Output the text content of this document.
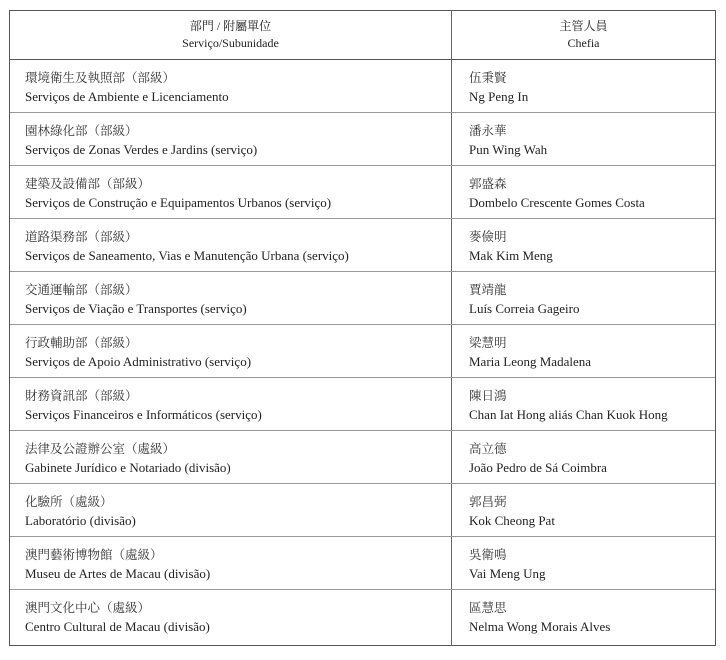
部門 / 附屬單位
Serviço/Subunidade
主管人員
Chefia
環境衛生及執照部（部級）
Serviços de Ambiente e Licenciamento
伍秉賢
Ng Peng In
園林綠化部（部級）
Serviços de Zonas Verdes e Jardins (serviço)
潘永華
Pun Wing Wah
建築及設備部（部級）
Serviços de Construção e Equipamentos Urbanos (serviço)
郭盛森
Dombelo Crescente Gomes Costa
道路渠務部（部級）
Serviços de Saneamento, Vias e Manutenção Urbana (serviço)
麥儉明
Mak Kim Meng
交通運輸部（部級）
Serviços de Viação e Transportes (serviço)
賈靖龍
Luís Correia Gageiro
行政輔助部（部級）
Serviços de Apoio Administrativo (serviço)
梁慧明
Maria Leong Madalena
財務資訊部（部級）
Serviços Financeiros e Informáticos (serviço)
陳日鴻
Chan Iat Hong aliás Chan Kuok Hong
法律及公證辦公室（處級）
Gabinete Jurídico e Notariado (divisão)
高立德
João Pedro de Sá Coimbra
化驗所（處級）
Laboratório (divisão)
郭昌弼
Kok Cheong Pat
澳門藝術博物館（處級）
Museu de Artes de Macau (divisão)
吳衛鳴
Vai Meng Ung
澳門文化中心（處級）
Centro Cultural de Macau (divisão)
區慧思
Nelma Wong Morais Alves
